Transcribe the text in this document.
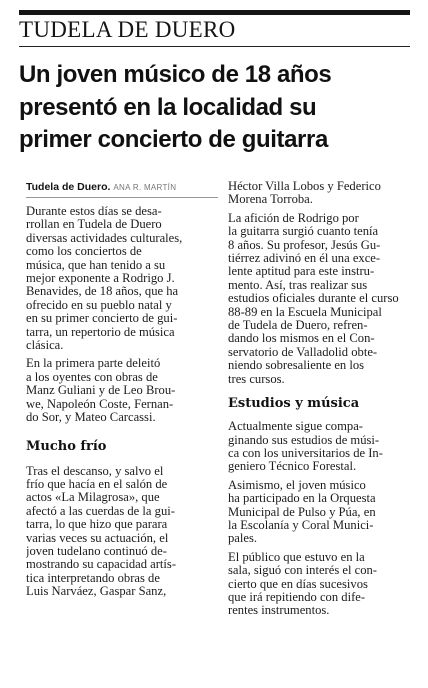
TUDELA DE DUERO
Un joven músico de 18 años
presentó en la localidad su
primer concierto de guitarra
Tudela de Duero. ANA R. MARTÍN
Durante estos días se desa-
rrollan en Tudela de Duero
diversas actividades culturales,
como los conciertos de
música, que han tenido a su
mejor exponente a Rodrigo J.
Benavides, de 18 años, que ha
ofrecido en su pueblo natal y
en su primer concierto de gui-
tarra, un repertorio de música
clásica.
En la primera parte deleitó
a los oyentes con obras de
Manz Guliani y de Leo Brou-
we, Napoleón Coste, Fernan-
do Sor, y Mateo Carcassi.
Mucho frío
Tras el descanso, y salvo el
frío que hacía en el salón de
actos «La Milagrosa», que
afectó a las cuerdas de la gui-
tarra, lo que hizo que parara
varias veces su actuación, el
joven tudelano continuó de-
mostrando su capacidad artís-
tica interpretando obras de
Luis Narváez, Gaspar Sanz,
Héctor Villa Lobos y Federico
Morena Torroba.
La afición de Rodrigo por
la guitarra surgió cuanto tenía
8 años. Su profesor, Jesús Gu-
tiérrez adivinó en él una exce-
lente aptitud para este instru-
mento. Así, tras realizar sus
estudios oficiales durante el curso
88-89 en la Escuela Municipal
de Tudela de Duero, refren-
dando los mismos en el Con-
servatorio de Valladolid obte-
niendo sobresaliente en los
tres cursos.
Estudios y música
Actualmente sigue compa-
ginando sus estudios de músi-
ca con los universitarios de In-
geniero Técnico Forestal.
Asimismo, el joven músico
ha participado en la Orquesta
Municipal de Pulso y Púa, en
la Escolanía y Coral Munici-
pales.
El público que estuvo en la
sala, siguó con interés el con-
cierto que en días sucesivos
que irá repitiendo con dife-
rentes instrumentos.
